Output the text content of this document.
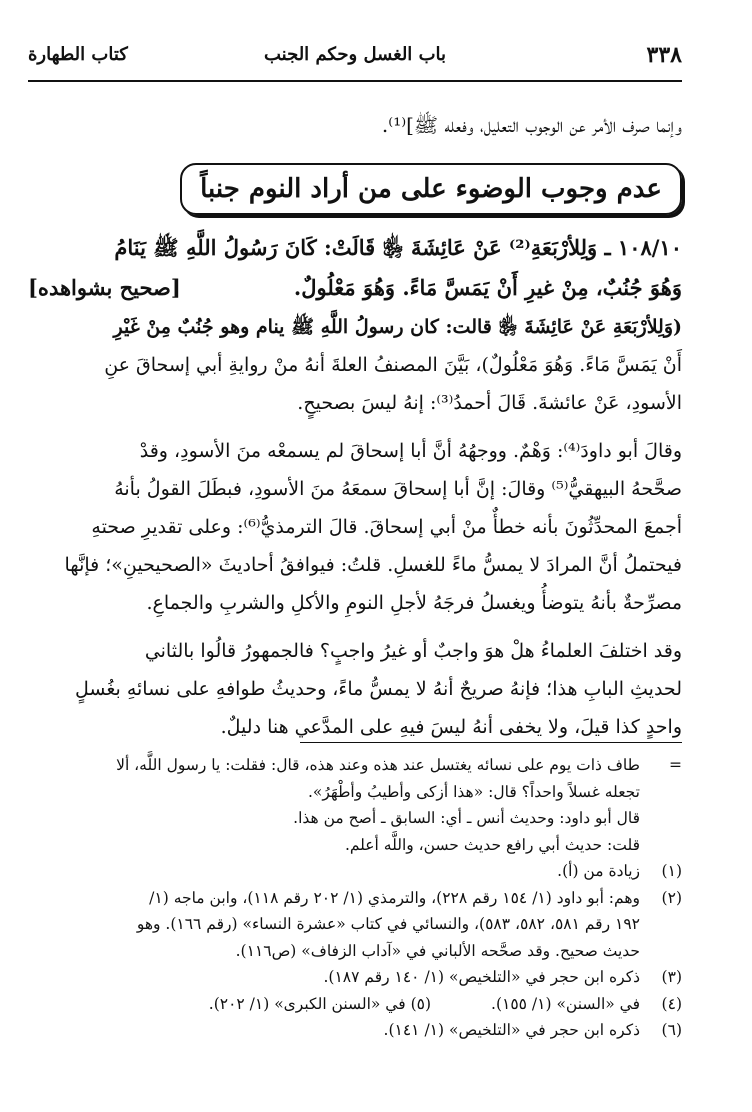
٣٣٨
باب الغسل وحكم الجنب
كتاب الطهارة
وإنما صرف الأمر عن الوجوب التعليل، وفعله ﷺ]⁽¹⁾.
عدم وجوب الوضوء على من أراد النوم جنباً
١٠٨/١٠ ـ وَلِلأرْبَعَةِ⁽²⁾ عَنْ عَائِشَةَ ﵂ قَالَتْ: كَانَ رَسُولُ اللَّهِ ﷺ يَنَامُ
وَهُوَ جُنُبٌ، مِنْ غيرِ أَنْ يَمَسَّ مَاءً. وَهُوَ مَعْلُولٌ.
[صحيح بشواهده]

(وَلِلأرْبَعَةِ عَنْ عَائِشَةَ ﵂ قالت: كان رسولُ اللَّهِ ﷺ ينام وهو جُنُبٌ مِنْ غَيْرِ

أَنْ يَمَسَّ مَاءً. وَهُوَ مَعْلُولٌ)، بَيَّنَ المصنفُ العلةَ أنهُ منْ روايةِ أبي إسحاقَ عنِ

الأسودِ، عَنْ عائشةَ. قَالَ أحمدُ⁽³⁾: إنهُ ليسَ بصحيحٍ.

وقالَ أبو داودَ⁽⁴⁾: وَهْمٌ. ووجهُهُ أنَّ أبا إسحاقَ لم يسمعْه منَ الأسودِ، وقدْ

صحَّحهُ البيهقيُّ⁽⁵⁾ وقالَ: إنَّ أبا إسحاقَ سمعَهُ منَ الأسودِ، فبطَلَ القولُ بأنهُ

أجمعَ المحدِّثُونَ بأنه خطأٌ منْ أبي إسحاقَ. قالَ الترمذيُّ⁽⁶⁾: وعلى تقديرِ صحتهِ

فيحتملُ أنَّ المرادَ لا يمسُّ ماءً للغسلِ. قلتُ: فيوافقُ أحاديثَ «الصحيحينِ»؛ فإنَّها

مصرِّحةٌ بأنهُ يتوضأُ ويغسلُ فرجَهُ لأجلِ النومِ والأكلِ والشربِ والجماعِ.

وقد اختلفَ العلماءُ هلْ هوَ واجبٌ أو غيرُ واجبٍ؟ فالجمهورُ قالُوا بالثاني

لحديثِ البابِ هذا؛ فإنهُ صريحٌ أنهُ لا يمسُّ ماءً، وحديثُ طوافهِ على نسائهِ بغُسلٍ

واحدٍ كذا قيلَ، ولا يخفى أنهُ ليسَ فيهِ على المدَّعي هنا دليلٌ.

=
طاف ذات يوم على نسائه يغتسل عند هذه وعند هذه، قال: فقلت: يا رسول اللَّه، ألا
تجعله غسلاً واحداً؟ قال: «هذا أزكى وأطيبُ وأطْهَرُ».
قال أبو داود: وحديث أنس ـ أي: السابق ـ أصح من هذا.
قلت: حديث أبي رافع حديث حسن، واللَّه أعلم.
(١)
زيادة من (أ).
(٢)
وهم: أبو داود (١/ ١٥٤ رقم ٢٢٨)، والترمذي (١/ ٢٠٢ رقم ١١٨)، وابن ماجه (١/
١٩٢ رقم ٥٨١، ٥٨٢، ٥٨٣)، والنسائي في كتاب «عشرة النساء» (رقم ١٦٦). وهو
حديث صحيح. وقد صحَّحه الألباني في «آداب الزفاف» (ص١١٦).
(٣)
ذكره ابن حجر في «التلخيص» (١/ ١٤٠ رقم ١٨٧).
(٤)
في «السنن» (١/ ١٥٥).
(٥) في «السنن الكبرى» (١/ ٢٠٢).
(٦)
ذكره ابن حجر في «التلخيص» (١/ ١٤١).
